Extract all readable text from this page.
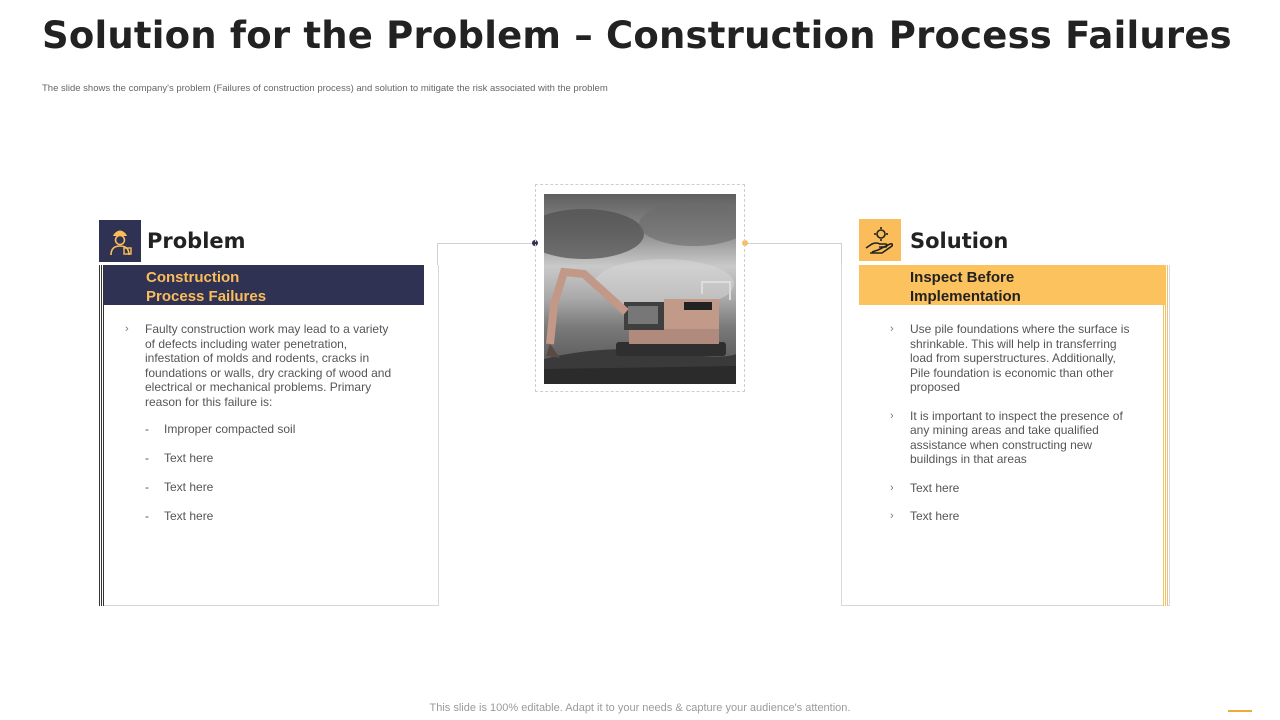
Solution for the Problem – Construction Process Failures
The slide shows the company's problem (Failures of construction process) and solution to mitigate the risk associated with the problem
Problem
Construction
Process Failures
› Faulty construction work may lead to a variety of defects including water penetration, infestation of molds and rodents, cracks in foundations or walls, dry cracking of wood and electrical or mechanical problems. Primary reason for this failure is:
- Improper compacted soil
- Text here
- Text here
- Text here
Solution
Inspect Before
Implementation
› Use pile foundations where the surface is shrinkable. This will help in transferring load from superstructures. Additionally, Pile foundation is economic than other proposed
› It is important to inspect the presence of any mining areas and take qualified assistance when constructing new buildings in that areas
› Text here
› Text here
This slide is 100% editable. Adapt it to your needs & capture your audience's attention.
